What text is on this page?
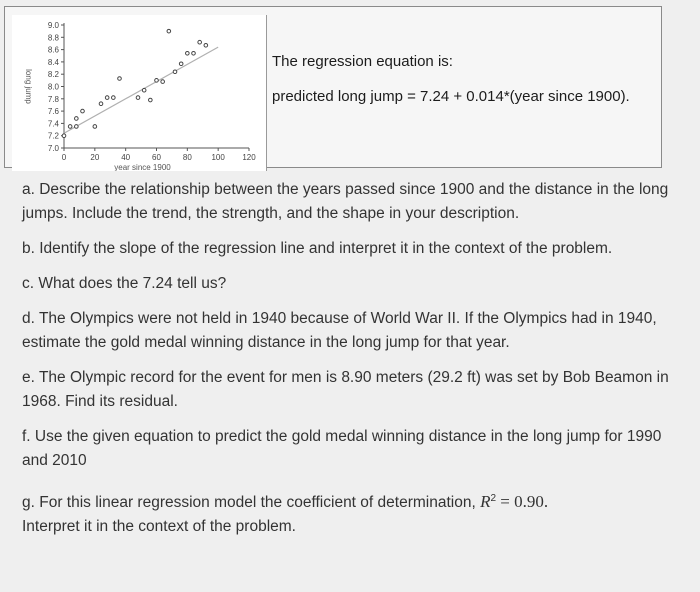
7.0
7.2
7.4
7.6
7.8
8.0
8.2
8.4
8.6
8.8
9.0
0	20	40	60	80 100 120
year since 1900
long jump

The regression equation is:

predicted long jump = 7.24 + 0.014*(year since 1900).

a. Describe the relationship between the years passed since 1900 and the distance in the long jumps. Include the trend, the strength, and the shape in your description.

b. Identify the slope of the regression line and interpret it in the context of the problem.

c. What does the 7.24 tell us?

d. The Olympics were not held in 1940 because of World War II. If the Olympics had in 1940, estimate the gold medal winning distance in the long jump for that year.

e. The Olympic record for the event for men is 8.90 meters (29.2 ft) was set by Bob Beamon in 1968. Find its residual.

f. Use the given equation to predict the gold medal winning distance in the long jump for 1990 and 2010

g. For this linear regression model the coefficient of determination, $R^2 = 0.90$.
Interpret it in the context of the problem.
